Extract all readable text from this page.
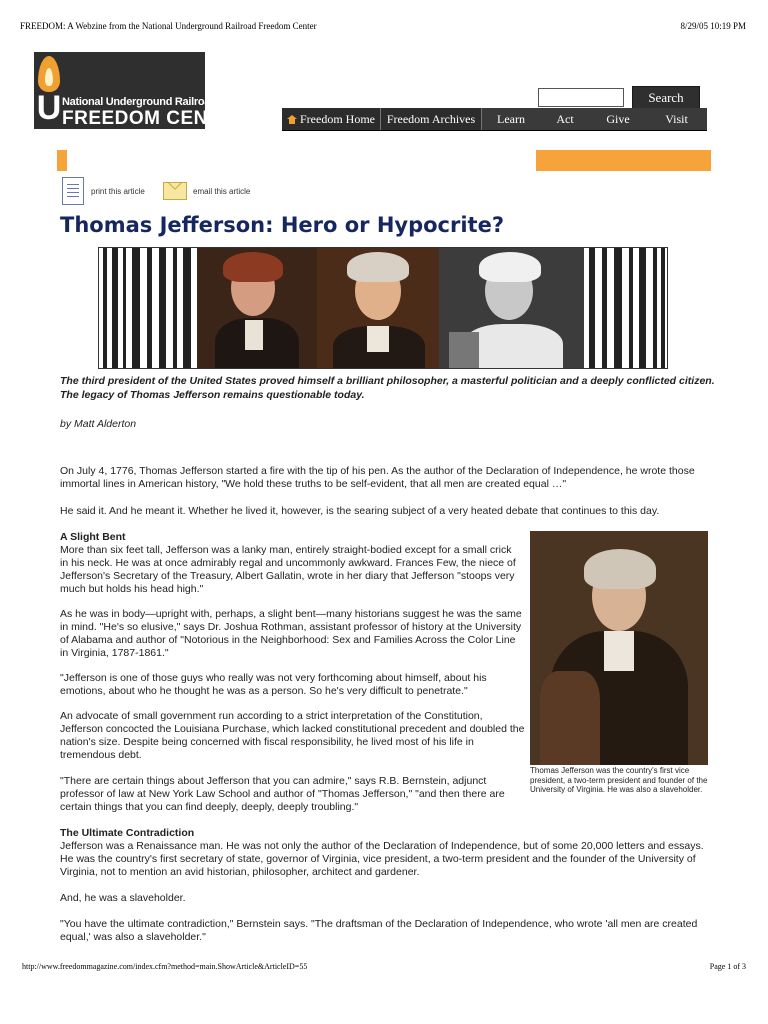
FREEDOM: A Webzine from the National Underground Railroad Freedom Center	8/29/05 10:19 PM
U National Underground Railroad
FREEDOM CENTER
Search
Freedom Home Freedom Archives	Learn	Act	Give	Visit
print this article	email this article
Thomas Jefferson: Hero or Hypocrite?
The third president of the United States proved himself a brilliant philosopher, a masterful politician and a deeply conflicted citizen. The legacy of Thomas Jefferson remains questionable today.
by Matt Alderton

On July 4, 1776, Thomas Jefferson started a fire with the tip of his pen. As the author of the Declaration of Independence, he wrote those immortal lines in American history, "We hold these truths to be self-evident, that all men are created equal …"

He said it. And he meant it. Whether he lived it, however, is the searing subject of a very heated debate that continues to this day.

A Slight Bent

More than six feet tall, Jefferson was a lanky man, entirely straight-bodied except for a small crick in his neck. He was at once admirably regal and uncommonly awkward. Frances Few, the niece of Jefferson's Secretary of the Treasury, Albert Gallatin, wrote in her diary that Jefferson "stoops very much but holds his head high."

As he was in body—upright with, perhaps, a slight bent—many historians suggest he was the same in mind. "He's so elusive," says Dr. Joshua Rothman, assistant professor of history at the University of Alabama and author of "Notorious in the Neighborhood: Sex and Families Across the Color Line in Virginia, 1787-1861."

"Jefferson is one of those guys who really was not very forthcoming about himself, about his emotions, about who he thought he was as a person. So he's very difficult to penetrate."

An advocate of small government run according to a strict interpretation of the Constitution, Jefferson concocted the Louisiana Purchase, which lacked constitutional precedent and doubled the nation's size. Despite being concerned with fiscal responsibility, he lived most of his life in tremendous debt.

"There are certain things about Jefferson that you can admire," says R.B. Bernstein, adjunct professor of law at New York Law School and author of "Thomas Jefferson," "and then there are certain things that you can find deeply, deeply, deeply troubling."

Thomas Jefferson was the country's first vice president, a two-term president and founder of the University of Virginia. He was also a slaveholder.
The Ultimate Contradiction

Jefferson was a Renaissance man. He was not only the author of the Declaration of Independence, but of some 20,000 letters and essays. He was the country's first secretary of state, governor of Virginia, vice president, a two-term president and the founder of the University of Virginia, not to mention an avid historian, philosopher, architect and gardener.

And, he was a slaveholder.

"You have the ultimate contradiction," Bernstein says. "The draftsman of the Declaration of Independence, who wrote 'all men are created equal,' was also a slaveholder."

http://www.freedommagazine.com/index.cfm?method=main.ShowArticle&ArticleID=55	Page 1 of 3
